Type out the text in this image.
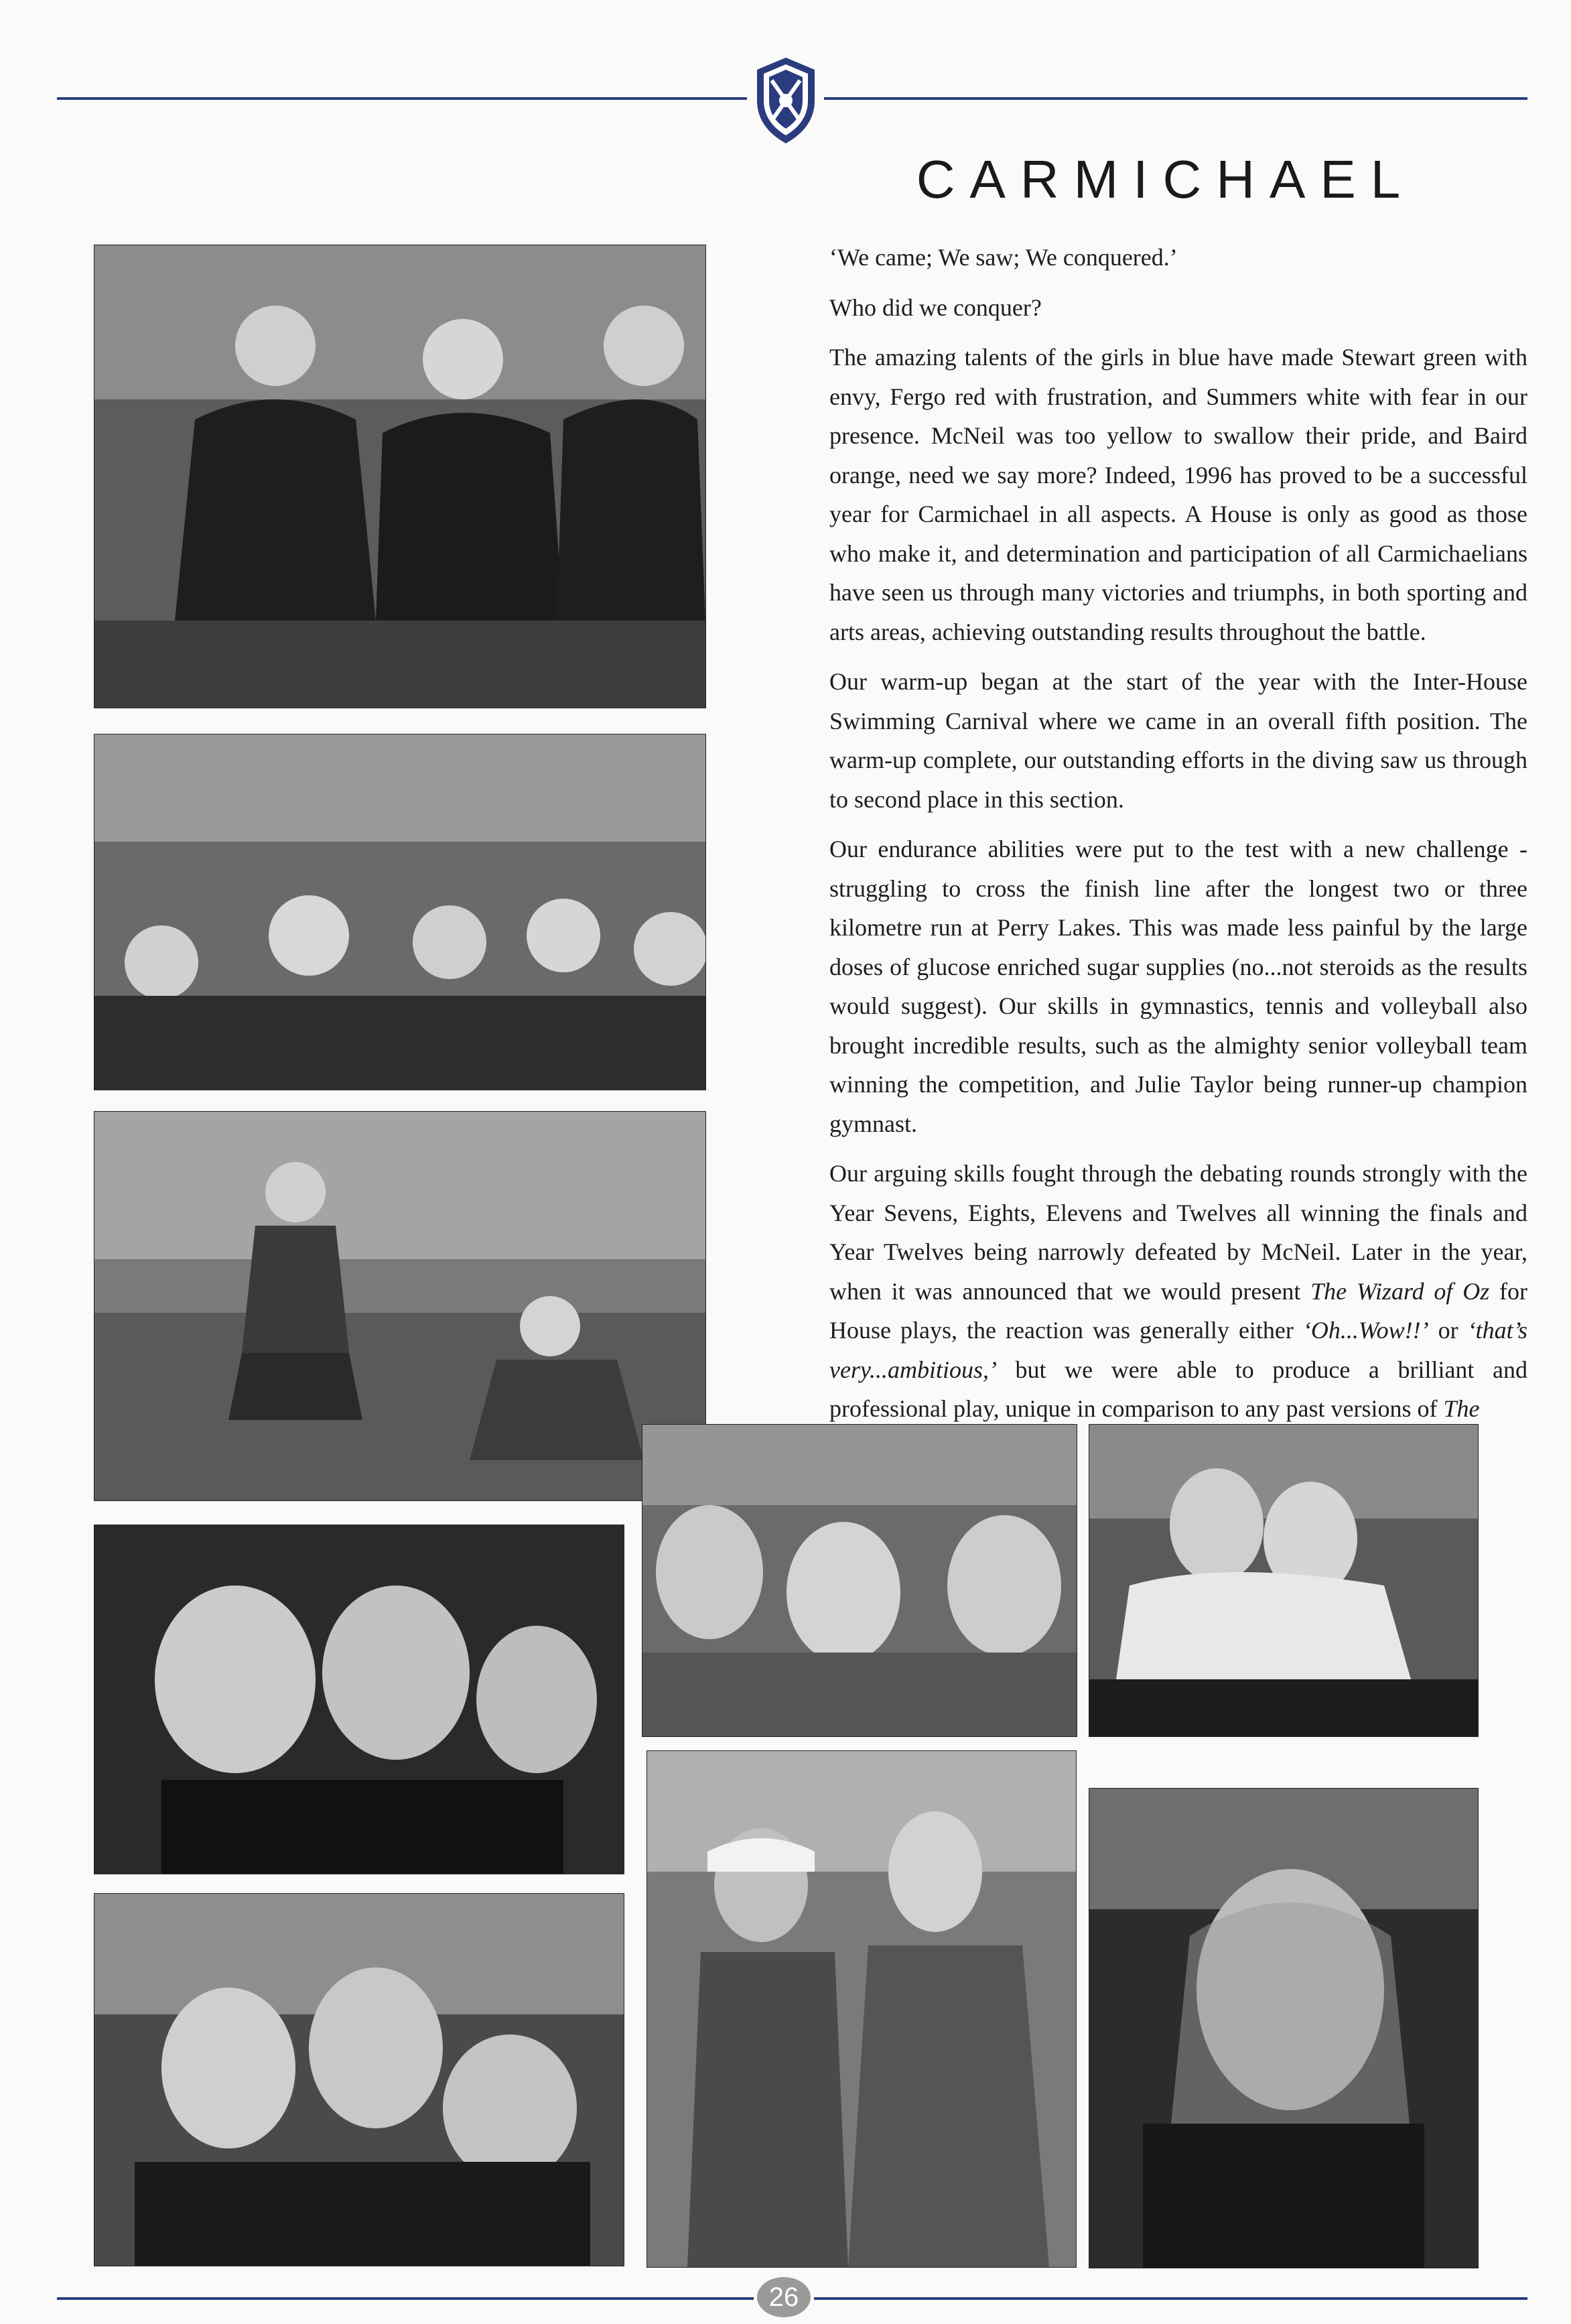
CARMICHAEL

‘We came; We saw; We conquered.’

Who did we conquer?

The amazing talents of the girls in blue have made Stewart green with envy, Fergo red with frustration, and Summers white with fear in our presence. McNeil was too yellow to swallow their pride, and Baird orange, need we say more? Indeed, 1996 has proved to be a successful year for Carmichael in all aspects. A House is only as good as those who make it, and determination and participation of all Carmichaelians have seen us through many victories and triumphs, in both sporting and arts areas, achieving outstanding results throughout the battle.

Our warm-up began at the start of the year with the Inter-House Swimming Carnival where we came in an overall fifth position. The warm-up complete, our outstanding efforts in the diving saw us through to second place in this section.

Our endurance abilities were put to the test with a new challenge - struggling to cross the finish line after the longest two or three kilometre run at Perry Lakes. This was made less painful by the large doses of glucose enriched sugar supplies (no...not steroids as the results would suggest). Our skills in gymnastics, tennis and volleyball also brought incredible results, such as the almighty senior volleyball team winning the competition, and Julie Taylor being runner-up champion gymnast.

Our arguing skills fought through the debating rounds strongly with the Year Sevens, Eights, Elevens and Twelves all winning the finals and Year Twelves being narrowly defeated by McNeil. Later in the year, when it was announced that we would present The Wizard of Oz for House plays, the reaction was generally either ‘Oh...Wow!!’ or ‘that’s very...ambitious,’ but we were able to produce a brilliant and professional play, unique in comparison to any past versions of The

26
